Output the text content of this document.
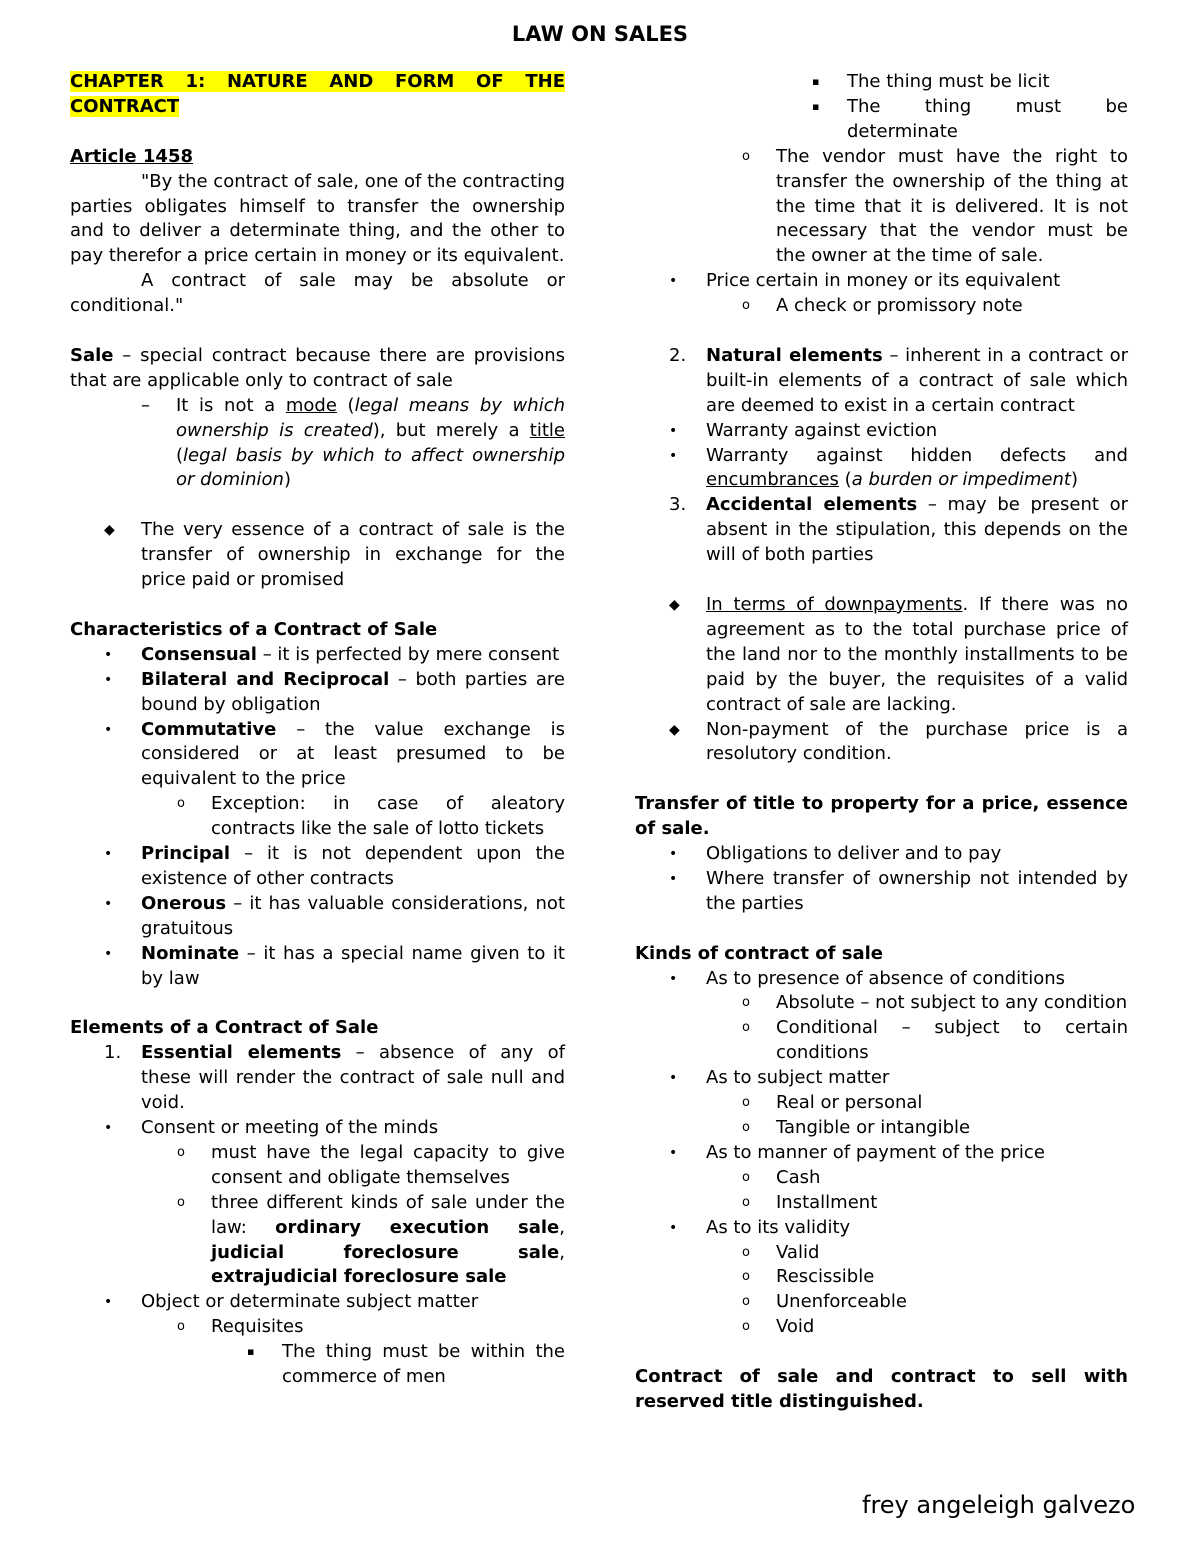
LAW ON SALES

CHAPTER 1: NATURE AND FORM OF THE CONTRACT

Article 1458

"By the contract of sale, one of the contracting parties obligates himself to transfer the ownership and to deliver a determinate thing, and the other to pay therefor a price certain in money or its equivalent.

A contract of sale may be absolute or conditional."

Sale – special contract because there are provisions that are applicable only to contract of sale

– It is not a mode (legal means by which ownership is created), but merely a title (legal basis by which to affect ownership or dominion)
◆ The very essence of a contract of sale is the transfer of ownership in exchange for the price paid or promised

Characteristics of a Contract of Sale

• Consensual – it is perfected by mere consent
• Bilateral and Reciprocal – both parties are bound by obligation
• Commutative – the value exchange is considered or at least presumed to be equivalent to the price
o Exception: in case of aleatory contracts like the sale of lotto tickets
• Principal – it is not dependent upon the existence of other contracts
• Onerous – it has valuable considerations, not gratuitous
• Nominate – it has a special name given to it by law

Elements of a Contract of Sale

1. Essential elements – absence of any of these will render the contract of sale null and void.
• Consent or meeting of the minds
o must have the legal capacity to give consent and obligate themselves
o three different kinds of sale under the law: ordinary execution sale, judicial foreclosure sale, extrajudicial foreclosure sale
• Object or determinate subject matter
o Requisites
▪ The thing must be within the commerce of men
▪ The thing must be licit
▪ The thing must be determinate
o The vendor must have the right to transfer the ownership of the thing at the time that it is delivered. It is not necessary that the vendor must be the owner at the time of sale.
• Price certain in money or its equivalent
o A check or promissory note
2. Natural elements – inherent in a contract or built-in elements of a contract of sale which are deemed to exist in a certain contract
• Warranty against eviction
• Warranty against hidden defects and encumbrances (a burden or impediment)
3. Accidental elements – may be present or absent in the stipulation, this depends on the will of both parties
◆ In terms of downpayments. If there was no agreement as to the total purchase price of the land nor to the monthly installments to be paid by the buyer, the requisites of a valid contract of sale are lacking.
◆ Non-payment of the purchase price is a resolutory condition.

Transfer of title to property for a price, essence of sale.

• Obligations to deliver and to pay
• Where transfer of ownership not intended by the parties

Kinds of contract of sale

• As to presence of absence of conditions
o Absolute – not subject to any condition
o Conditional – subject to certain conditions
• As to subject matter
o Real or personal
o Tangible or intangible
• As to manner of payment of the price
o Cash
o Installment
• As to its validity
o Valid
o Rescissible
o Unenforceable
o Void

Contract of sale and contract to sell with reserved title distinguished.

frey angeleigh galvezo
